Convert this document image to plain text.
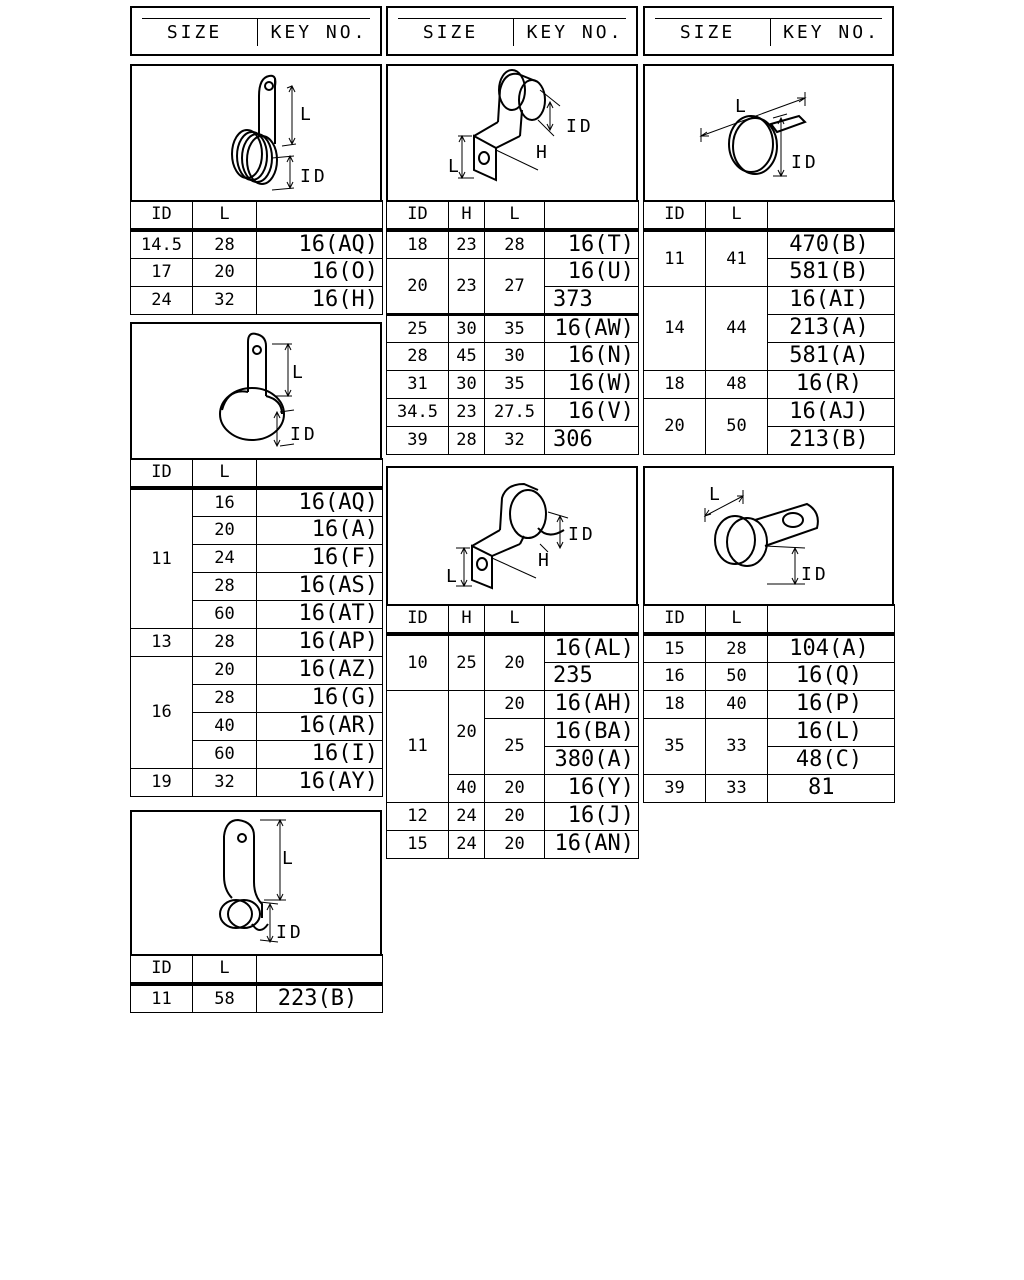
SIZE	KEY NO.	SIZE	KEY NO.	SIZE	KEY NO.
L
ID
ID	L	
14.5	28	16(AQ)
17	20	16(O)
24	32	16(H)
L
ID
ID	L	
11	16	16(AQ)
	20	16(A)
	24	16(F)
	28	16(AS)
	60	16(AT)
13	28	16(AP)
16	20	16(AZ)
	28	16(G)
	40	16(AR)
	60	16(I)
19	32	16(AY)
L
ID
ID	L	
11	58	223(B)
ID
H
L
ID	H	L	
18	23	28	16(T)
20	23	27	16(U)
			373
25	30	35	16(AW)
28	45	30	16(N)
31	30	35	16(W)
34.5	23	27.5	16(V)
39	28	32	306
ID
H
L
ID	H	L	
10	25	20	16(AL)
			235
11	20	20	16(AH)
		25	16(BA)
			380(A)
	40	20	16(Y)
12	24	20	16(J)
15	24	20	16(AN)
L
ID
ID	L	
11	41	470(B)
		581(B)
14	44	16(AI)
		213(A)
		581(A)
18	48	16(R)
20	50	16(AJ)
		213(B)
L
ID
ID	L	
15	28	104(A)
16	50	16(Q)
18	40	16(P)
35	33	16(L)
		48(C)
39	33	81
